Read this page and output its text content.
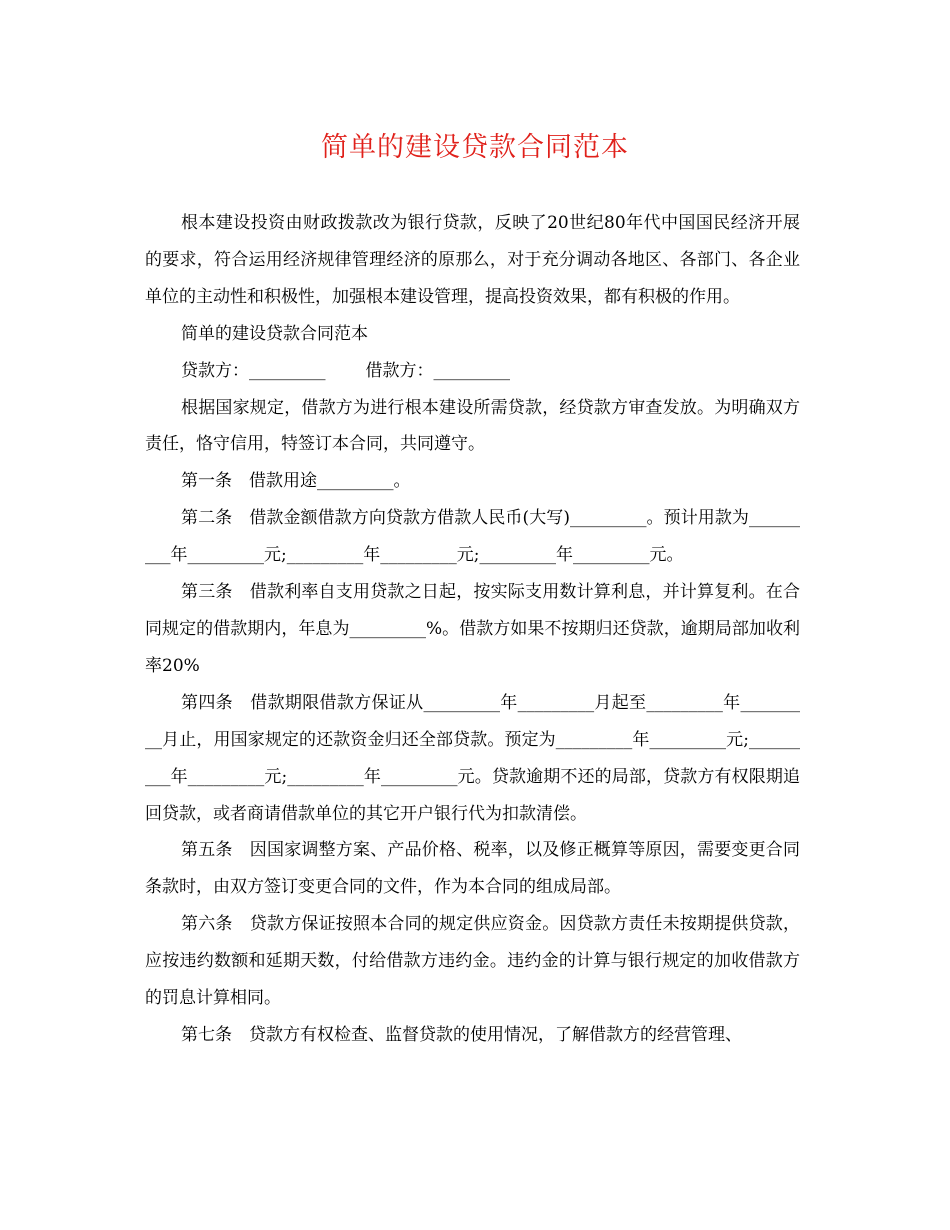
简单的建设贷款合同范本

根本建设投资由财政拨款改为银行贷款，反映了20世纪80年代中国国民经济开展的要求，符合运用经济规律管理经济的原那么，对于充分调动各地区、各部门、各企业单位的主动性和积极性，加强根本建设管理，提高投资效果，都有积极的作用。

简单的建设贷款合同范本

贷款方：_________ 借款方：_________

根据国家规定，借款方为进行根本建设所需贷款，经贷款方审查发放。为明确双方责任，恪守信用，特签订本合同，共同遵守。

第一条　借款用途_________。

第二条　借款金额借款方向贷款方借款人民币(大写)_________。预计用款为_________年_________元;_________年_________元;_________年_________元。

第三条　借款利率自支用贷款之日起，按实际支用数计算利息，并计算复利。在合同规定的借款期内，年息为_________%。借款方如果不按期归还贷款，逾期局部加收利率20%

第四条　借款期限借款方保证从_________年_________月起至_________年_________月止，用国家规定的还款资金归还全部贷款。预定为_________年_________元;_________年_________元;_________年_________元。贷款逾期不还的局部，贷款方有权限期追回贷款，或者商请借款单位的其它开户银行代为扣款清偿。

第五条　因国家调整方案、产品价格、税率，以及修正概算等原因，需要变更合同条款时，由双方签订变更合同的文件，作为本合同的组成局部。

第六条　贷款方保证按照本合同的规定供应资金。因贷款方责任未按期提供贷款，应按违约数额和延期天数，付给借款方违约金。违约金的计算与银行规定的加收借款方的罚息计算相同。

第七条　贷款方有权检查、监督贷款的使用情况，了解借款方的经营管理、
